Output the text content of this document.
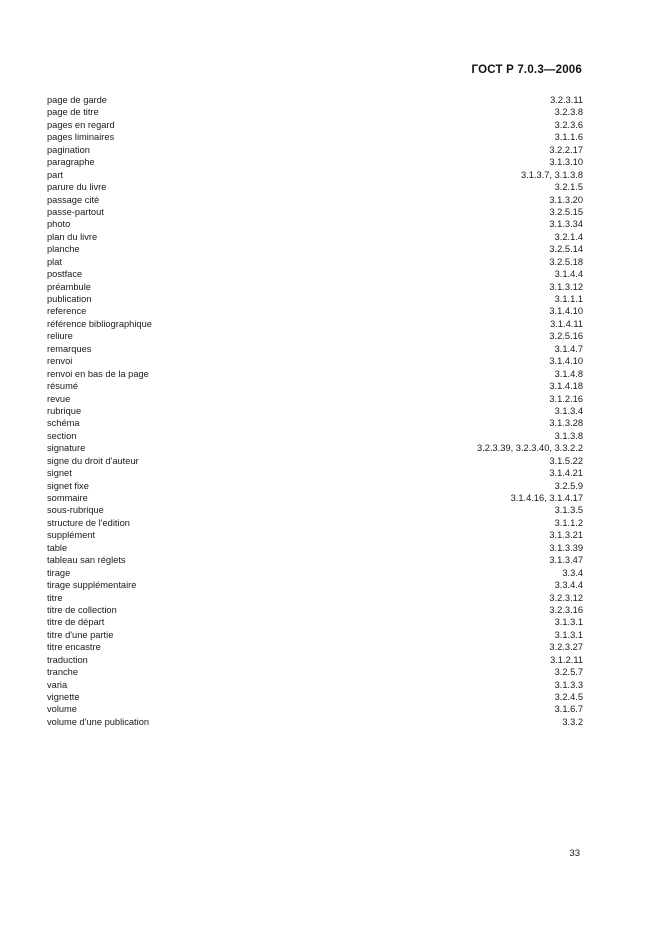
ГОСТ Р 7.0.3—2006
page de garde	3.2.3.11
page de titre	3.2.3.8
pages en regard	3.2.3.6
pages liminaires	3.1.1.6
pagination	3.2.2.17
paragraphe	3.1.3.10
part	3.1.3.7, 3.1.3.8
parure du livre	3.2.1.5
passage cité	3.1.3.20
passe-partout	3.2.5.15
photo	3.1.3.34
plan du livre	3.2.1.4
planche	3.2.5.14
plat	3.2.5.18
postface	3.1.4.4
préambule	3.1.3.12
publication	3.1.1.1
reference	3.1.4.10
référence bibliographique	3.1.4.11
reliure	3.2.5.16
remarques	3.1.4.7
renvoi	3.1.4.10
renvoi en bas de la page	3.1.4.8
résumé	3.1.4.18
revue	3.1.2.16
rubrique	3.1.3.4
schéma	3.1.3.28
section	3.1.3.8
signature	3.2.3.39, 3.2.3.40, 3.3.2.2
signe du droit d'auteur	3.1.5.22
signet	3.1.4.21
signet fixe	3.2.5.9
sommaire	3.1.4.16, 3.1.4.17
sous-rubrique	3.1.3.5
structure de l'edition	3.1.1.2
supplément	3.1.3.21
table	3.1.3.39
tableau san réglets	3.1.3.47
tirage	3.3.4
tirage supplémentaire	3.3.4.4
titre	3.2.3.12
titre de collection	3.2.3.16
titre de départ	3.1.3.1
titre d'une partie	3.1.3.1
titre encastre	3.2.3.27
traduction	3.1.2.11
tranche	3.2.5.7
varia	3.1.3.3
vignette	3.2.4.5
volume	3.1.6.7
volume d'une publication	3.3.2
33
